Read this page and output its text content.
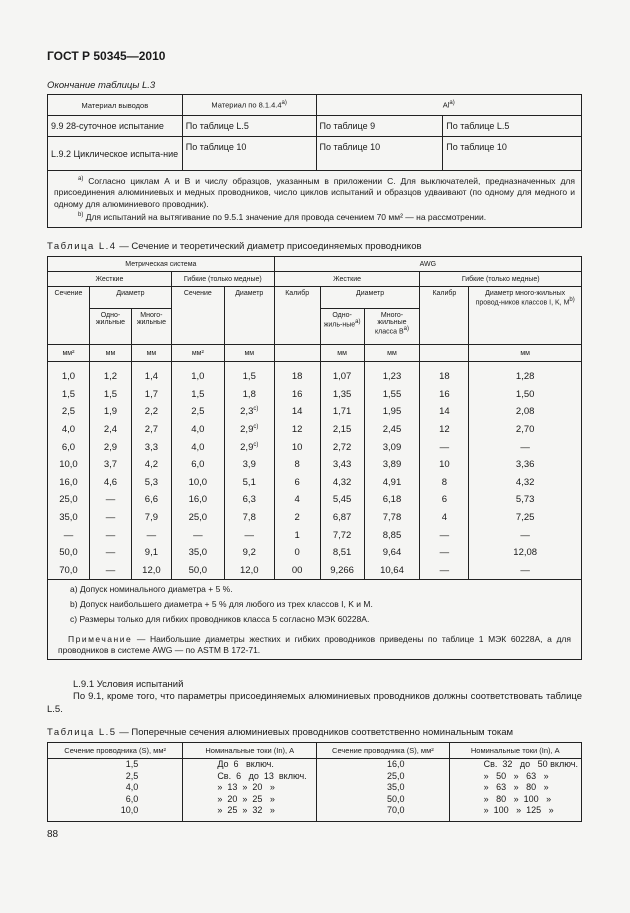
ГОСТ Р 50345—2010
Окончание таблицы L.3
Материал выводов	Материал по 8.1.4.4$^{a)}$	Al$^{a)}$
9.9 28-суточное испытание	По таблице L.5	По таблице 9	По таблице L.5
L.9.2 Циклическое испыта-ние	По таблице 10	По таблице 10	По таблице 10

$^{a)}$ Согласно циклам А и В и числу образцов, указанным в приложении С. Для выключателей, предназначенных для присоединения алюминиевых и медных проводников, число циклов испытаний и образцов удваивают (по одному для медного и одному для алюминиевого проводник).
$^{b)}$ Для испытаний на вытягивание по 9.5.1 значение для провода сечением 70 мм² — на рассмотрении.			
Таблица L.4 — Сечение и теоретический диаметр присоединяемых проводников
Метрическая система					AWG				
Жесткие			Гибкие (только медные)		Жесткие			Гибкие (только медные)	
Сечение	Диаметр		Сечение	Диаметр	Калибр	Диаметр		Калибр	Диаметр много-жильных провод-ников классов I, K, Mb)
	Одно-жильные	Много-жильные				Одно-жиль-ныеa)	Много-жильные класса Ba)		
мм²	мм	мм	мм²	мм		мм	мм		мм
1,0	1,2	1,4	1,0	1,5	18	1,07	1,23	18	1,28
1,5	1,5	1,7	1,5	1,8	16	1,35	1,55	16	1,50
2,5	1,9	2,2	2,5	2,3$^{c)}$	14	1,71	1,95	14	2,08
4,0	2,4	2,7	4,0	2,9$^{c)}$	12	2,15	2,45	12	2,70
6,0	2,9	3,3	4,0	2,9$^{c)}$	10	2,72	3,09	—	—
10,0	3,7	4,2	6,0	3,9	8	3,43	3,89	10	3,36
16,0	4,6	5,3	10,0	5,1	6	4,32	4,91	8	4,32
25,0	—	6,6	16,0	6,3	4	5,45	6,18	6	5,73
35,0	—	7,9	25,0	7,8	2	6,87	7,78	4	7,25
—	—	—	—	—	1	7,72	8,85	—	—
50,0	—	9,1	35,0	9,2	0	8,51	9,64	—	12,08
70,0	—	12,0	50,0	12,0	00	9,266	10,64	—	—
a) Допуск номинального диаметра + 5 %.									
b) Допуск наибольшего диаметра + 5 % для любого из трех классов I, K и M.									
c) Размеры только для гибких проводников класса 5 согласно МЭК 60228А.									
Примечание — Наибольшие диаметры жестких и гибких проводников приведены по таблице 1 МЭК 60228А, а для проводников в системе AWG — по ASTM В 172-71.									
L.9.1 Условия испытаний
По 9.1, кроме того, что параметры присоединяемых алюминиевых проводников должны соответствовать таблице L.5.
Таблица L.5 — Поперечные сечения алюминиевых проводников соответственно номинальным токам
Сечение проводника (S), мм²	Номинальные токи (In), А	Сечение проводника (S), мм²	Номинальные токи (In), А
1,5	До  6   включ.	16,0	Св.  32   до   50 включ.
2,5	Св.  6   до  13  включ.	25,0	»   50   »   63   »
4,0	»  13  »  20   »	35,0	»   63   »   80   »
6,0	»  20  »  25   »	50,0	»   80   »  100   »
10,0	»  25  »  32   »	70,0	»  100   »  125   »

88
